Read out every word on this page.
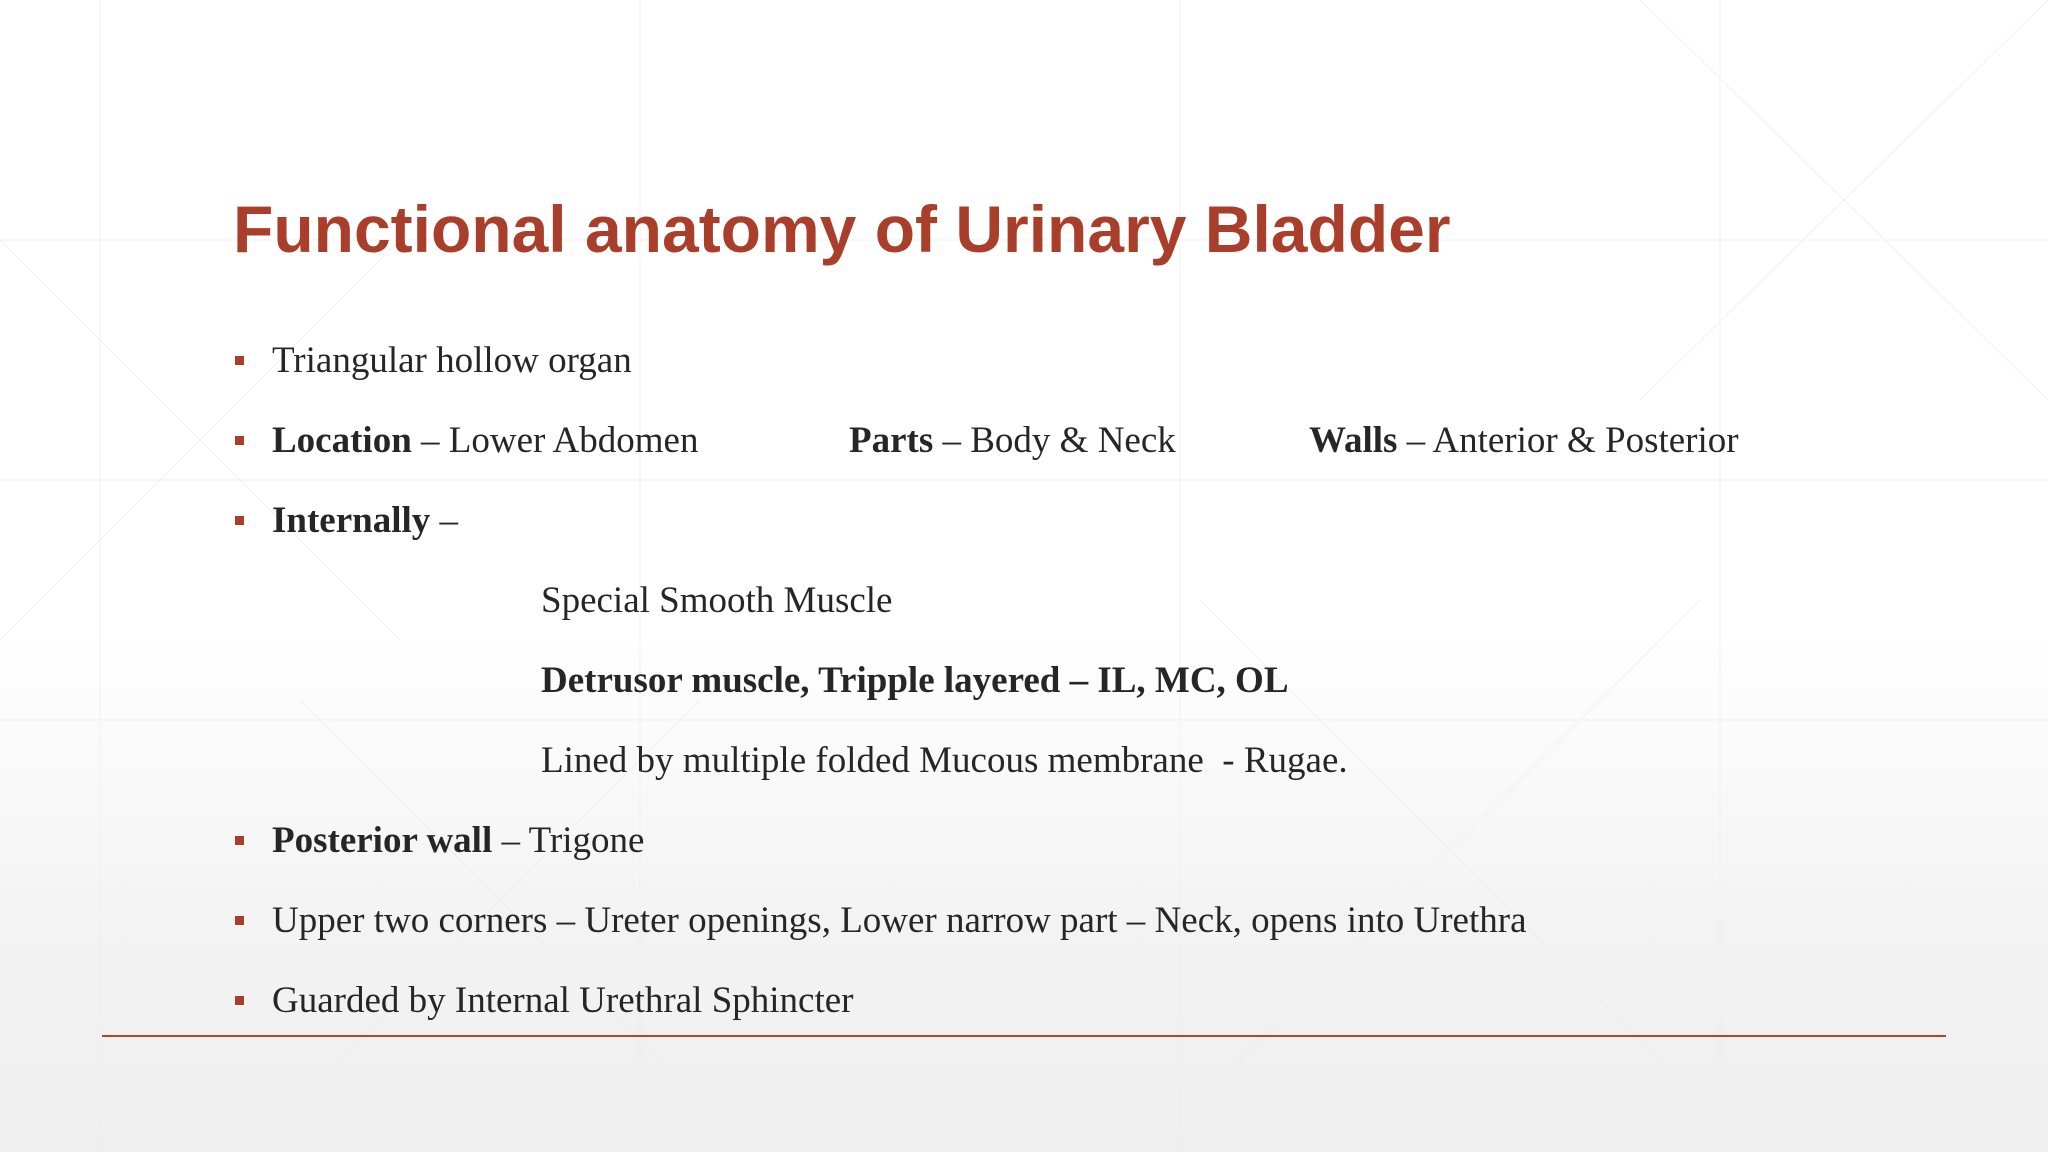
Functional anatomy of Urinary Bladder
Triangular hollow organ
Location – Lower Abdomen	Parts – Body & Neck	Walls – Anterior & Posterior
Internally –
Special Smooth Muscle
Detrusor muscle, Tripple layered – IL, MC, OL
Lined by multiple folded Mucous membrane  - Rugae.
Posterior wall – Trigone
Upper two corners – Ureter openings, Lower narrow part – Neck, opens into Urethra
Guarded by Internal Urethral Sphincter
